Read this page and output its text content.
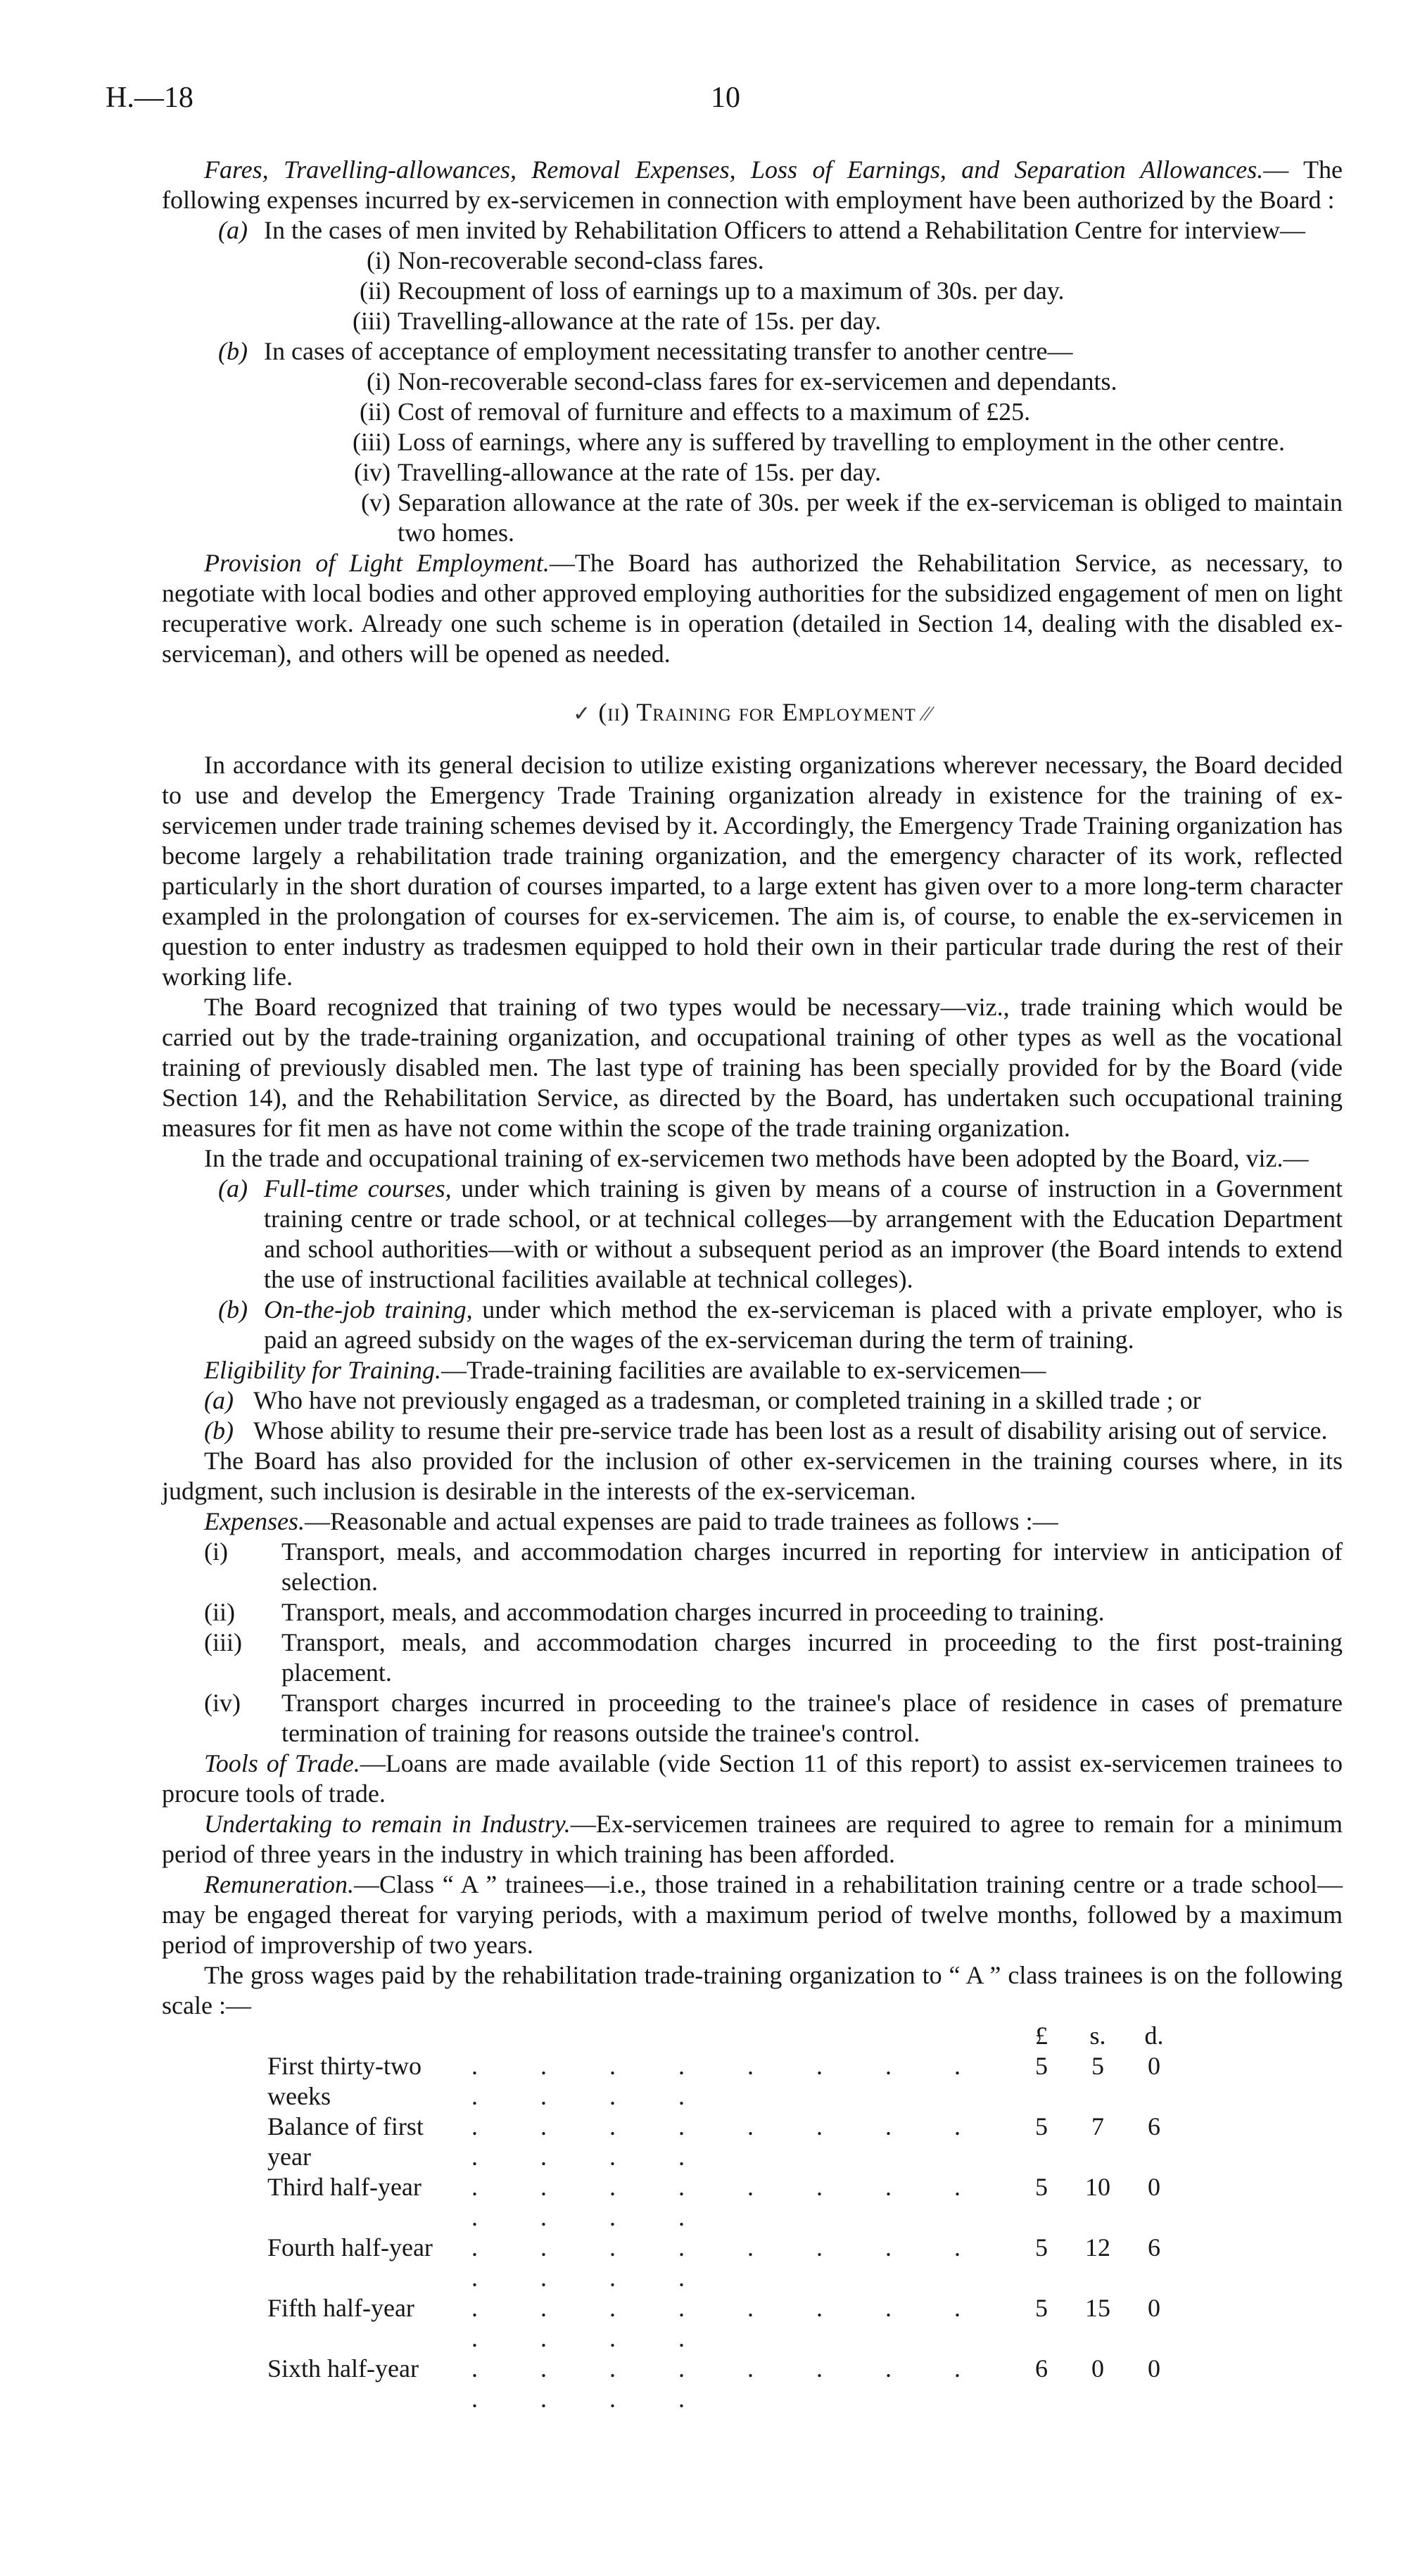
H.—18	10

Fares, Travelling-allowances, Removal Expenses, Loss of Earnings, and Separation Allowances.— The following expenses incurred by ex-servicemen in connection with employment have been authorized by the Board :

(a) In the cases of men invited by Rehabilitation Officers to attend a Rehabilitation Centre for interview—
(i) Non-recoverable second-class fares.
(ii) Recoupment of loss of earnings up to a maximum of 30s. per day.
(iii) Travelling-allowance at the rate of 15s. per day.
(b) In cases of acceptance of employment necessitating transfer to another centre—
(i) Non-recoverable second-class fares for ex-servicemen and dependants.
(ii) Cost of removal of furniture and effects to a maximum of £25.
(iii) Loss of earnings, where any is suffered by travelling to employment in the other centre.
(iv) Travelling-allowance at the rate of 15s. per day.
(v) Separation allowance at the rate of 30s. per week if the ex-serviceman is obliged to maintain two homes.

Provision of Light Employment.—The Board has authorized the Rehabilitation Service, as necessary, to negotiate with local bodies and other approved employing authorities for the subsidized engagement of men on light recuperative work. Already one such scheme is in operation (detailed in Section 14, dealing with the disabled ex-serviceman), and others will be opened as needed.

✓ (ii) Training for Employment ⁄⁄

In accordance with its general decision to utilize existing organizations wherever necessary, the Board decided to use and develop the Emergency Trade Training organization already in existence for the training of ex-servicemen under trade training schemes devised by it. Accordingly, the Emergency Trade Training organization has become largely a rehabilitation trade training organization, and the emergency character of its work, reflected particularly in the short duration of courses imparted, to a large extent has given over to a more long-term character exampled in the prolongation of courses for ex-servicemen. The aim is, of course, to enable the ex-servicemen in question to enter industry as tradesmen equipped to hold their own in their particular trade during the rest of their working life.

The Board recognized that training of two types would be necessary—viz., trade training which would be carried out by the trade-training organization, and occupational training of other types as well as the vocational training of previously disabled men. The last type of training has been specially provided for by the Board (vide Section 14), and the Rehabilitation Service, as directed by the Board, has undertaken such occupational training measures for fit men as have not come within the scope of the trade training organization.

In the trade and occupational training of ex-servicemen two methods have been adopted by the Board, viz.—

(a) Full-time courses, under which training is given by means of a course of instruction in a Government training centre or trade school, or at technical colleges—by arrangement with the Education Department and school authorities—with or without a subsequent period as an improver (the Board intends to extend the use of instructional facilities available at technical colleges).
(b) On-the-job training, under which method the ex-serviceman is placed with a private employer, who is paid an agreed subsidy on the wages of the ex-serviceman during the term of training.

Eligibility for Training.—Trade-training facilities are available to ex-servicemen—

(a) Who have not previously engaged as a tradesman, or completed training in a skilled trade ; or
(b) Whose ability to resume their pre-service trade has been lost as a result of disability arising out of service.

The Board has also provided for the inclusion of other ex-servicemen in the training courses where, in its judgment, such inclusion is desirable in the interests of the ex-serviceman.

Expenses.—Reasonable and actual expenses are paid to trade trainees as follows :—

(i)	Transport, meals, and accommodation charges incurred in reporting for interview in anticipation of selection.
(ii)	Transport, meals, and accommodation charges incurred in proceeding to training.
(iii)	Transport, meals, and accommodation charges incurred in proceeding to the first post-training placement.
(iv)	Transport charges incurred in proceeding to the trainee's place of residence in cases of premature termination of training for reasons outside the trainee's control.

Tools of Trade.—Loans are made available (vide Section 11 of this report) to assist ex-servicemen trainees to procure tools of trade.

Undertaking to remain in Industry.—Ex-servicemen trainees are required to agree to remain for a minimum period of three years in the industry in which training has been afforded.

Remuneration.—Class “ A ” trainees—i.e., those trained in a rehabilitation training centre or a trade school—may be engaged thereat for varying periods, with a maximum period of twelve months, followed by a maximum period of improvership of two years.

The gross wages paid by the rehabilitation trade-training organization to “ A ” class trainees is on the following scale :—

£	s.	d.
First thirty-two weeks
. . . . . . . . . . . .
5	5	0
Balance of first year
. . . . . . . . . . . .
5	7	6
Third half-year	. . . . . . . . . . . .
5	10	0
Fourth half-year	. . . . . . . . . . . .
5	12	6
Fifth half-year	. . . . . . . . . . . .
5	15	0
Sixth half-year	. . . . . . . . . . . .
6	0	0
